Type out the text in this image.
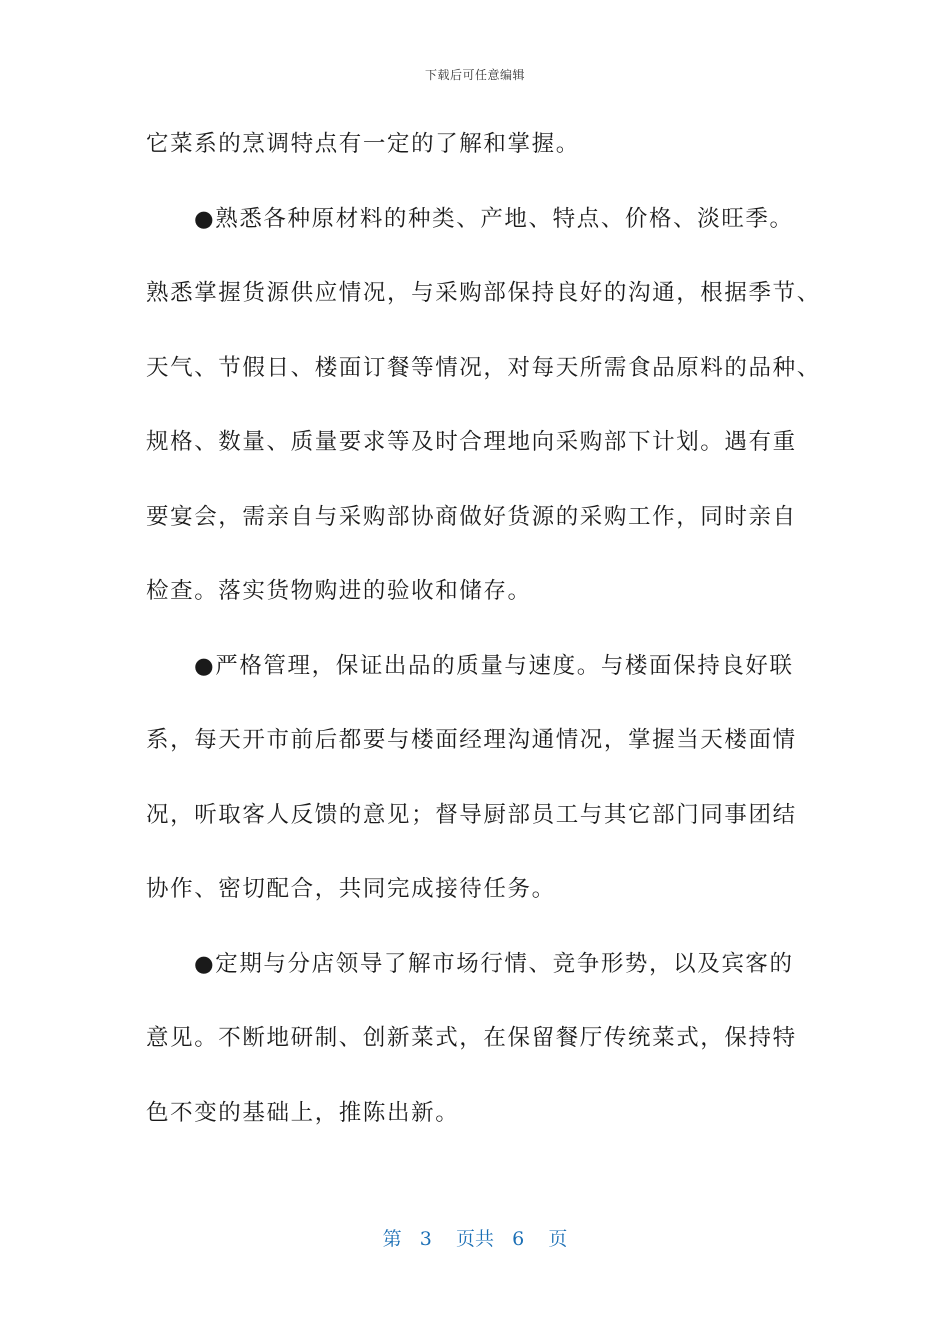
下载后可任意编辑
它菜系的烹调特点有一定的了解和掌握。
●熟悉各种原材料的种类、产地、特点、价格、淡旺季。
熟悉掌握货源供应情况，与采购部保持良好的沟通，根据季节、
天气、节假日、楼面订餐等情况，对每天所需食品原料的品种、
规格、数量、质量要求等及时合理地向采购部下计划。遇有重
要宴会，需亲自与采购部协商做好货源的采购工作，同时亲自
检查。落实货物购进的验收和储存。
●严格管理，保证出品的质量与速度。与楼面保持良好联
系，每天开市前后都要与楼面经理沟通情况，掌握当天楼面情
况，听取客人反馈的意见；督导厨部员工与其它部门同事团结
协作、密切配合，共同完成接待任务。
●定期与分店领导了解市场行情、竞争形势，以及宾客的
意见。不断地研制、创新菜式，在保留餐厅传统菜式，保持特
色不变的基础上，推陈出新。
第 3 页共 6 页
